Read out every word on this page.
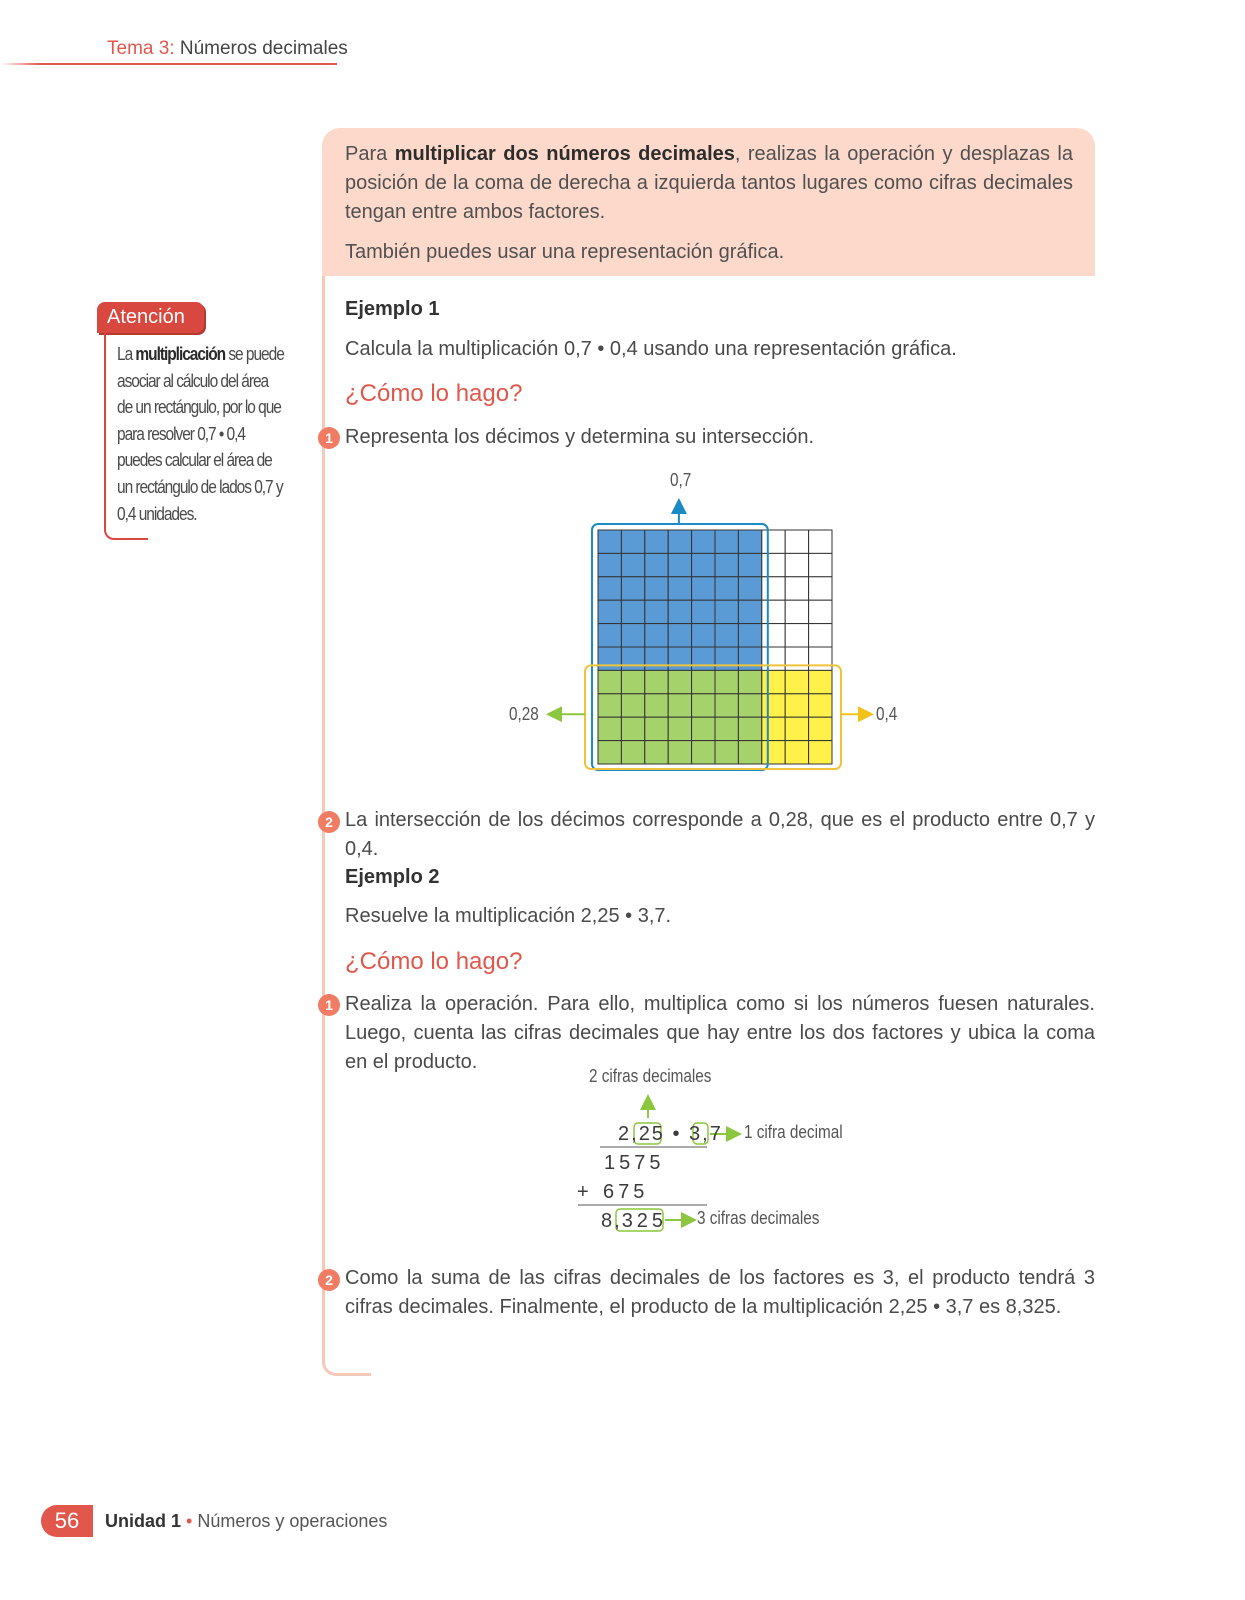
Tema 3: Números decimales

Para multiplicar dos números decimales, realizas la operación y desplazas la posición de la coma de derecha a izquierda tantos lugares como cifras decimales tengan entre ambos factores.

También puedes usar una representación gráfica.

Atención
La multiplicación se puede asociar al cálculo del área de un rectángulo, por lo que para resolver 0,7 • 0,4 puedes calcular el área de un rectángulo de lados 0,7 y 0,4 unidades.
Ejemplo 1
Calcula la multiplicación 0,7 • 0,4 usando una representación gráfica.
¿Cómo lo hago?
1 Representa los décimos y determina su intersección.
0,7
0,28	0,4
2 La intersección de los décimos corresponde a 0,28, que es el producto entre 0,7 y 0,4.
Ejemplo 2
Resuelve la multiplicación 2,25 • 3,7.
¿Cómo lo hago?
1 Realiza la operación. Para ello, multiplica como si los números fuesen naturales. Luego, cuenta las cifras decimales que hay entre los dos factores y ubica la coma en el producto.
2 cifras decimales
2,25 • 3,7 1 cifra decimal
1575
+ 675
8,325 3 cifras decimales
2 Como la suma de las cifras decimales de los factores es 3, el producto tendrá 3 cifras decimales. Finalmente, el producto de la multiplicación 2,25 • 3,7 es 8,325.
56	Unidad 1 • Números y operaciones
